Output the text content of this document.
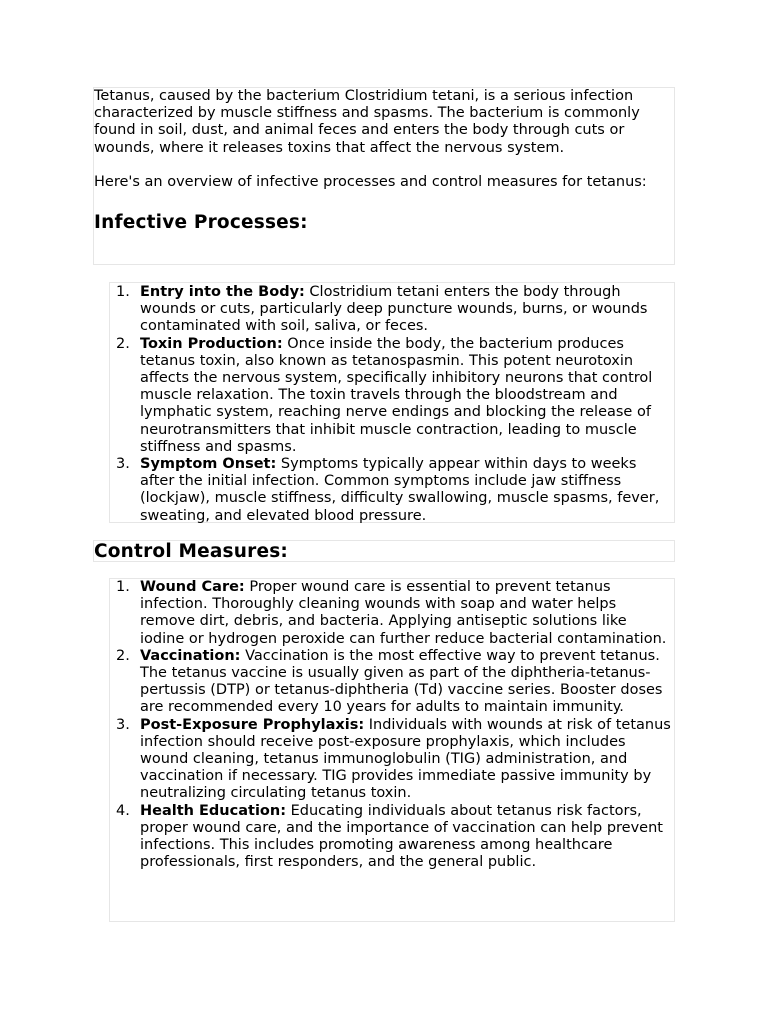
Tetanus, caused by the bacterium Clostridium tetani, is a serious infection characterized by muscle stiffness and spasms. The bacterium is commonly found in soil, dust, and animal feces and enters the body through cuts or wounds, where it releases toxins that affect the nervous system.

Here's an overview of infective processes and control measures for tetanus:

Infective Processes:
1. Entry into the Body: Clostridium tetani enters the body through wounds or cuts, particularly deep puncture wounds, burns, or wounds contaminated with soil, saliva, or feces.
2. Toxin Production: Once inside the body, the bacterium produces tetanus toxin, also known as tetanospasmin. This potent neurotoxin affects the nervous system, specifically inhibitory neurons that control muscle relaxation. The toxin travels through the bloodstream and lymphatic system, reaching nerve endings and blocking the release of neurotransmitters that inhibit muscle contraction, leading to muscle stiffness and spasms.
3. Symptom Onset: Symptoms typically appear within days to weeks after the initial infection. Common symptoms include jaw stiffness (lockjaw), muscle stiffness, difficulty swallowing, muscle spasms, fever, sweating, and elevated blood pressure.
Control Measures:
1. Wound Care: Proper wound care is essential to prevent tetanus infection. Thoroughly cleaning wounds with soap and water helps remove dirt, debris, and bacteria. Applying antiseptic solutions like iodine or hydrogen peroxide can further reduce bacterial contamination.
2. Vaccination: Vaccination is the most effective way to prevent tetanus. The tetanus vaccine is usually given as part of the diphtheria-tetanus-pertussis (DTP) or tetanus-diphtheria (Td) vaccine series. Booster doses are recommended every 10 years for adults to maintain immunity.
3. Post-Exposure Prophylaxis: Individuals with wounds at risk of tetanus infection should receive post-exposure prophylaxis, which includes wound cleaning, tetanus immunoglobulin (TIG) administration, and vaccination if necessary. TIG provides immediate passive immunity by neutralizing circulating tetanus toxin.
4. Health Education: Educating individuals about tetanus risk factors, proper wound care, and the importance of vaccination can help prevent infections. This includes promoting awareness among healthcare professionals, first responders, and the general public.
